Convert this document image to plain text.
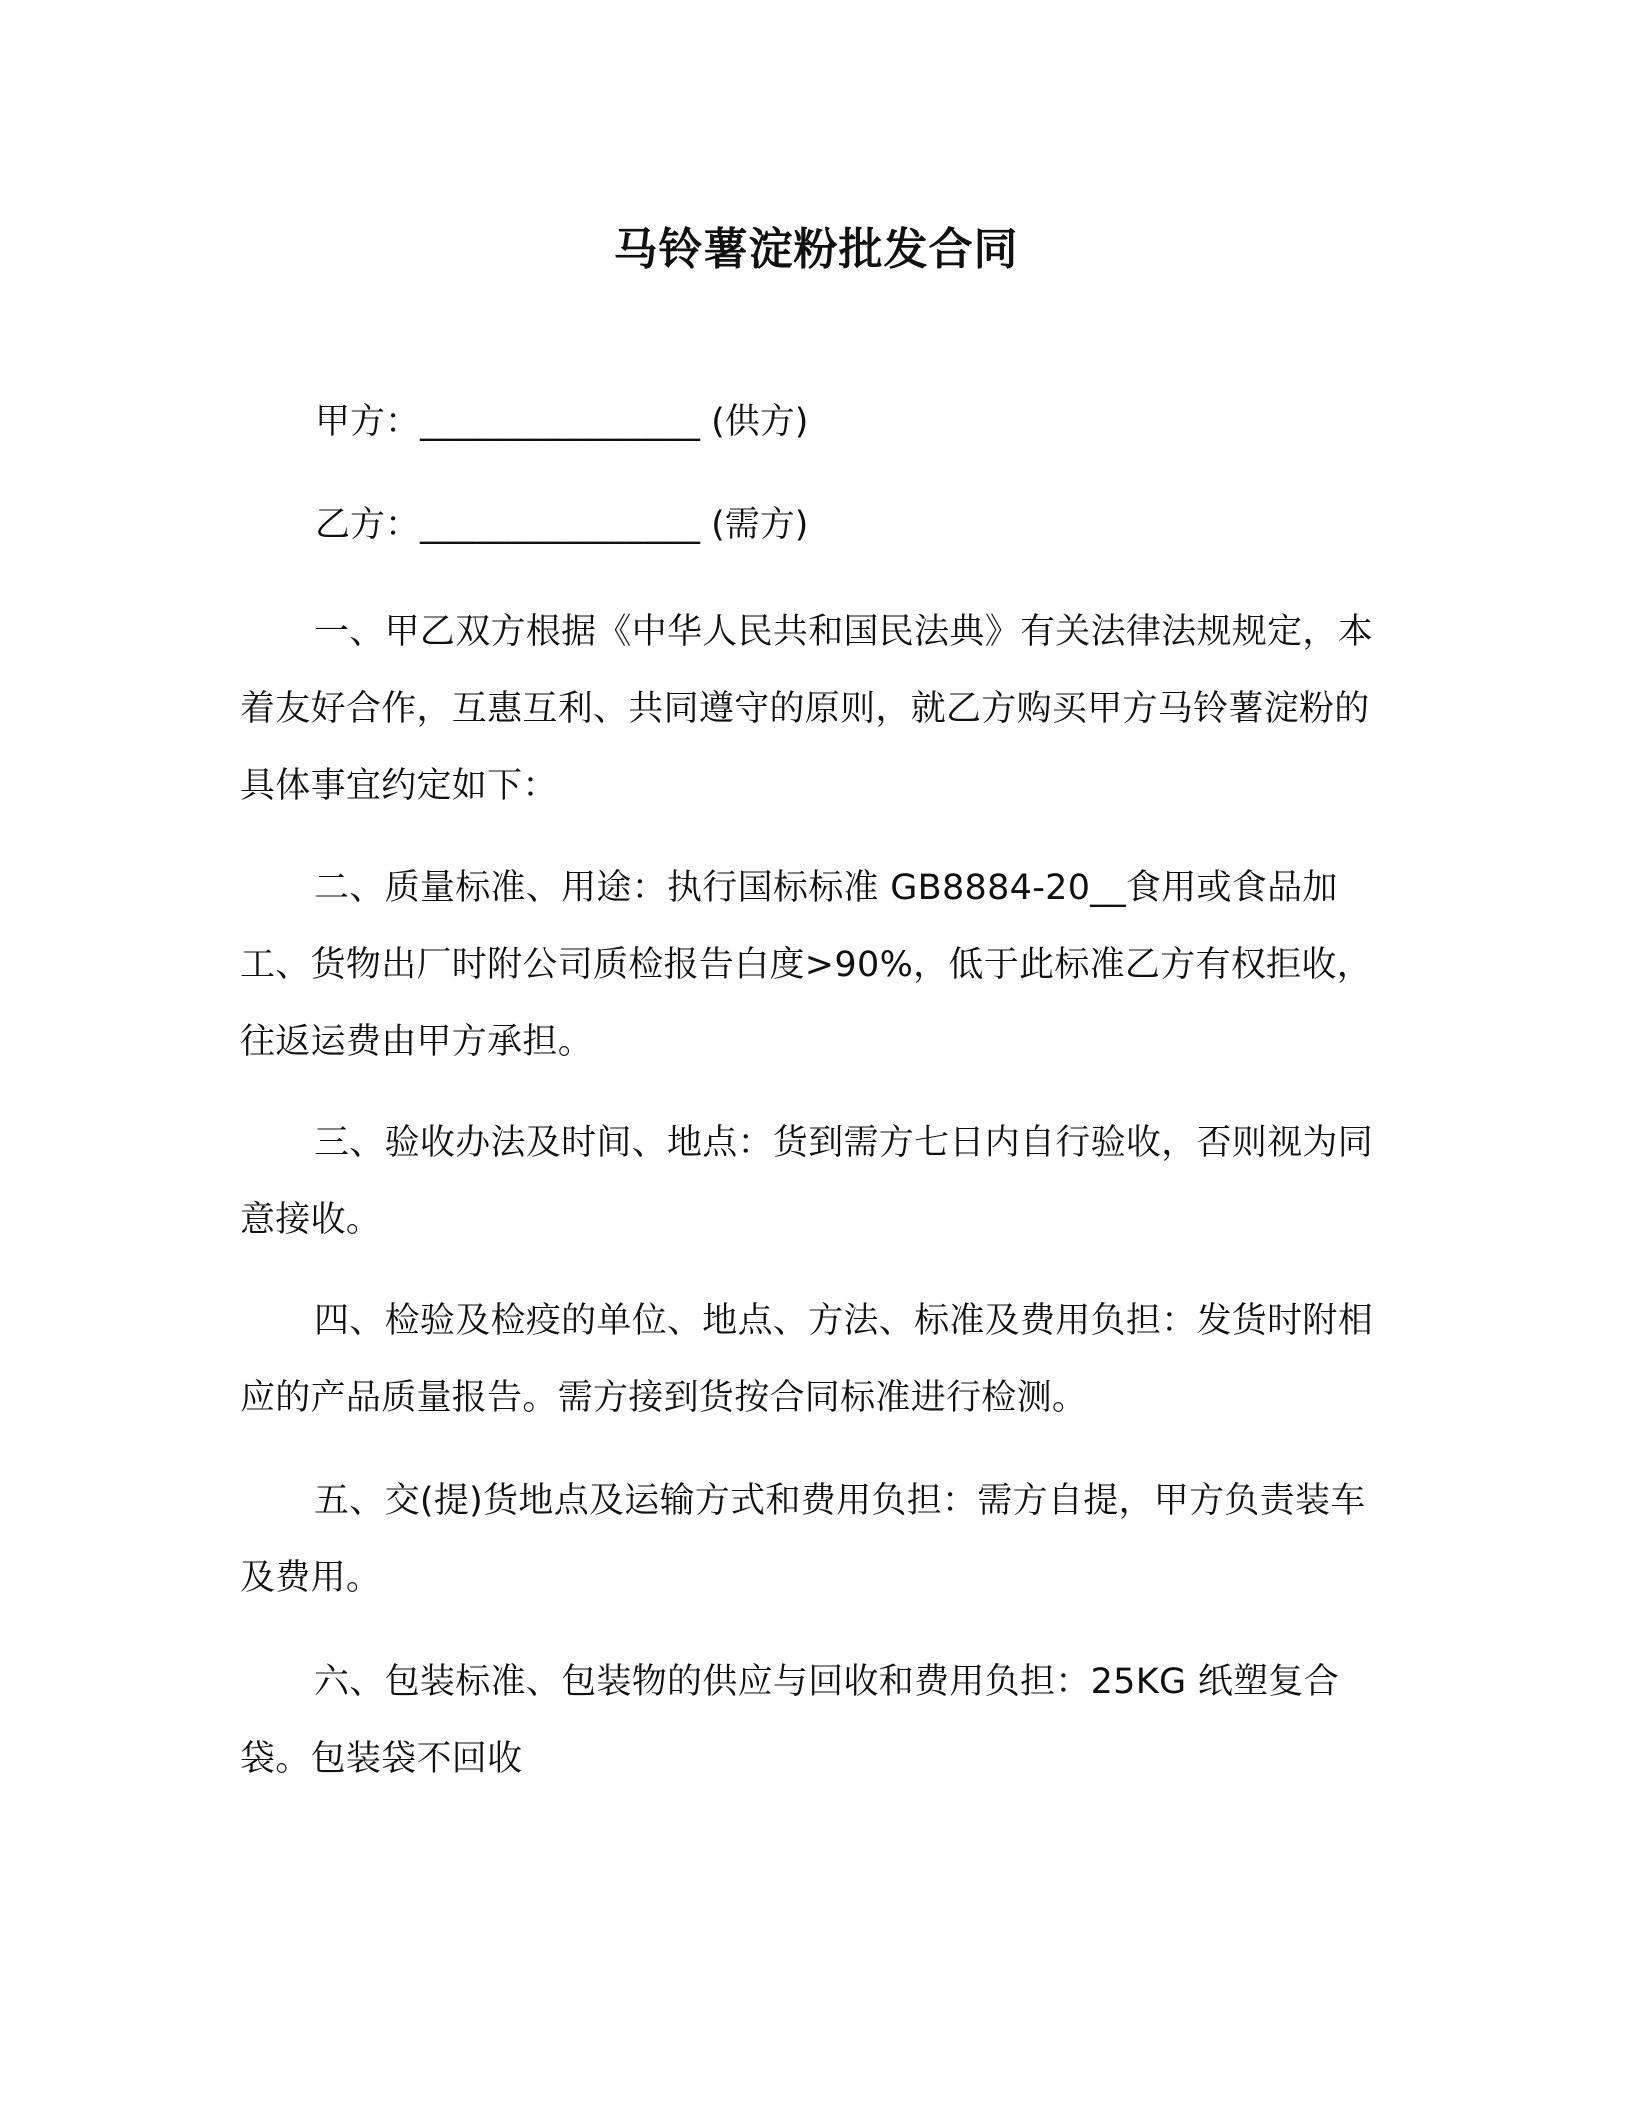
马铃薯淀粉批发合同
甲方：________________ (供方)
乙方：________________ (需方)

一、甲乙双方根据《中华人民共和国民法典》有关法律法规规定，本着友好合作，互惠互利、共同遵守的原则，就乙方购买甲方马铃薯淀粉的具体事宜约定如下：

二、质量标准、用途：执行国标标准 GB8884-20__食用或食品加工、货物出厂时附公司质检报告白度>90%，低于此标准乙方有权拒收，往返运费由甲方承担。

三、验收办法及时间、地点：货到需方七日内自行验收，否则视为同意接收。

四、检验及检疫的单位、地点、方法、标准及费用负担：发货时附相应的产品质量报告。需方接到货按合同标准进行检测。

五、交(提)货地点及运输方式和费用负担：需方自提，甲方负责装车及费用。

六、包装标准、包装物的供应与回收和费用负担：25KG 纸塑复合袋。包装袋不回收
